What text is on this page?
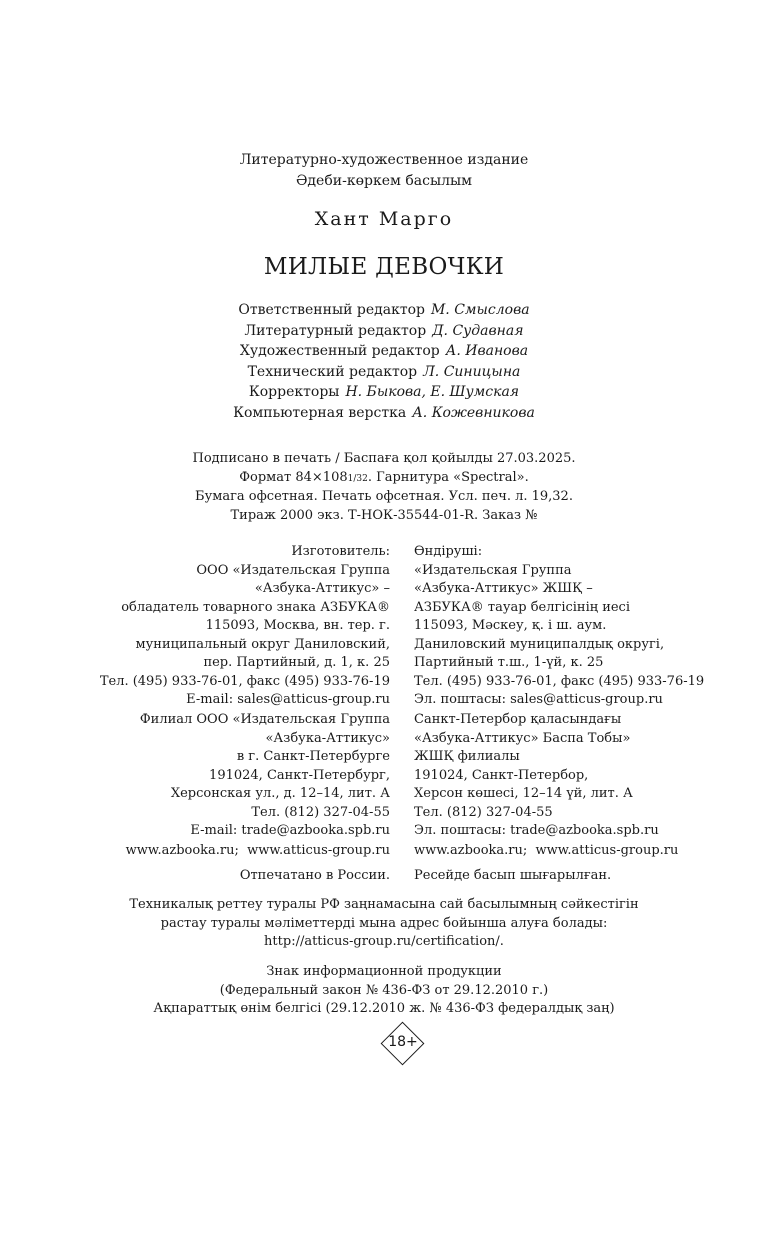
Литературно-художественное издание
Әдеби-көркем басылым
Хант Марго
МИЛЫЕ ДЕВОЧКИ
Ответственный редактор М. Смыслова
Литературный редактор Д. Судавная
Художественный редактор А. Иванова
Технический редактор Л. Синицына
Корректоры Н. Быкова, Е. Шумская
Компьютерная верстка А. Кожевникова
Подписано в печать / Баспаға қол қойылды 27.03.2025.
Формат 84×1081/32. Гарнитура «Spectral».
Бумага офсетная. Печать офсетная. Усл. печ. л. 19,32.
Тираж 2000 экз. Т-НОК-35544-01-R. Заказ №
Изготовитель:
ООО «Издательская Группа
«Азбука-Аттикус» –
обладатель товарного знака АЗБУКА®
115093, Москва, вн. тер. г.
муниципальный округ Даниловский,
пер. Партийный, д. 1, к. 25
Тел. (495) 933-76-01, факс (495) 933-76-19
E-mail: sales@atticus-group.ru
Өндіруші:
«Издательская Группа
«Азбука-Аттикус» ЖШҚ –
АЗБУКА® тауар белгісінің иесі
115093, Мәскеу, қ. і ш. аум.
Даниловский муниципалдық округі,
Партийный т.ш., 1-үй, к. 25
Тел. (495) 933-76-01, факс (495) 933-76-19
Эл. поштасы: sales@atticus-group.ru
Филиал ООО «Издательская Группа
«Азбука-Аттикус»
в г. Санкт-Петербурге
191024, Санкт-Петербург,
Херсонская ул., д. 12–14, лит. А
Тел. (812) 327-04-55
E-mail: trade@azbooka.spb.ru
Санкт-Петербор қаласындағы
«Азбука-Аттикус» Баспа Тобы»
ЖШҚ филиалы
191024, Санкт-Петербор,
Херсон көшесі, 12–14 үй, лит. А
Тел. (812) 327-04-55
Эл. поштасы: trade@azbooka.spb.ru
www.azbooka.ru;  www.atticus-group.ru www.azbooka.ru;  www.atticus-group.ru
Отпечатано в России. Ресейде басып шығарылған.
Техникалық реттеу туралы РФ заңнамасына сай басылымның сәйкестігін
растау туралы мәліметтерді мына адрес бойынша алуға болады:
http://atticus-group.ru/certification/.
Знак информационной продукции
(Федеральный закон № 436-ФЗ от 29.12.2010 г.)
Ақпараттық өнім белгісі (29.12.2010 ж. № 436-ФЗ федералдық заң)
18+
